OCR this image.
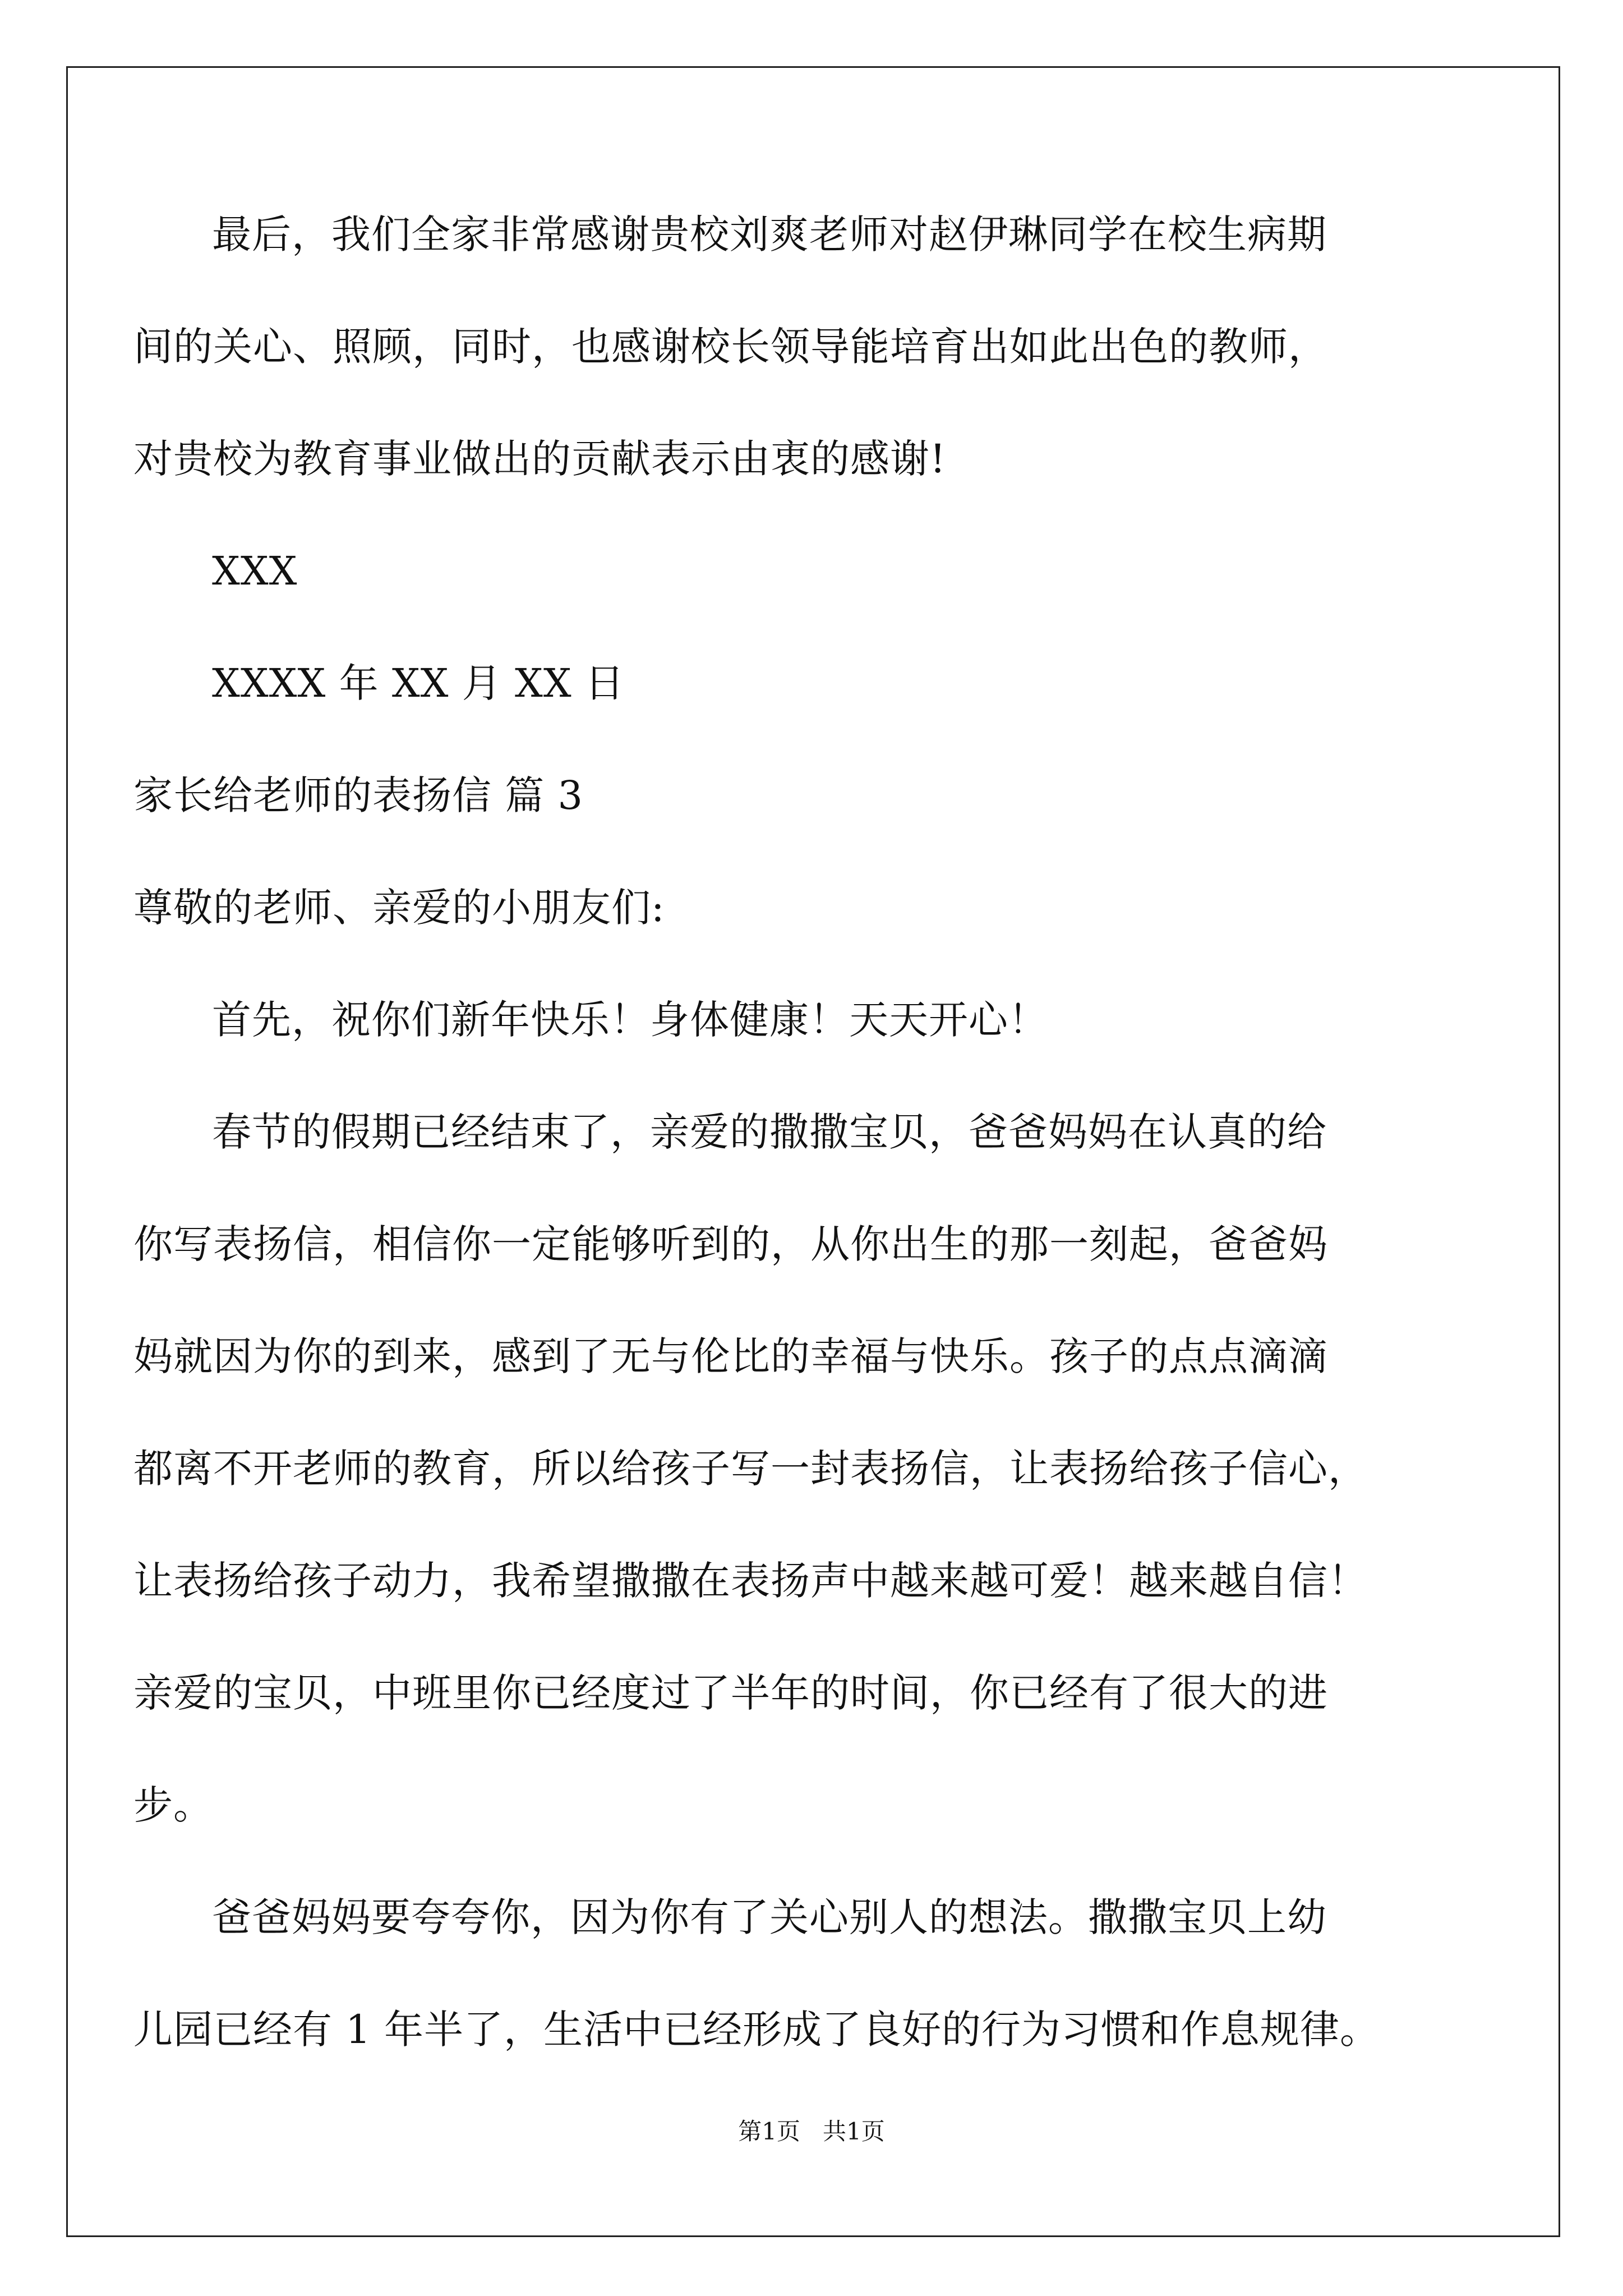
最后，我们全家非常感谢贵校刘爽老师对赵伊琳同学在校生病期
间的关心、照顾，同时，也感谢校长领导能培育出如此出色的教师，
对贵校为教育事业做出的贡献表示由衷的感谢!
XXX
XXXX 年 XX 月 XX 日
家长给老师的表扬信 篇 3
尊敬的老师、亲爱的小朋友们:
首先，祝你们新年快乐！身体健康！天天开心！
春节的假期已经结束了，亲爱的撒撒宝贝，爸爸妈妈在认真的给
你写表扬信，相信你一定能够听到的，从你出生的那一刻起，爸爸妈
妈就因为你的到来，感到了无与伦比的幸福与快乐。孩子的点点滴滴
都离不开老师的教育，所以给孩子写一封表扬信，让表扬给孩子信心，
让表扬给孩子动力，我希望撒撒在表扬声中越来越可爱！越来越自信！
亲爱的宝贝，中班里你已经度过了半年的时间，你已经有了很大的进
步。
爸爸妈妈要夸夸你，因为你有了关心别人的想法。撒撒宝贝上幼
儿园已经有 1 年半了，生活中已经形成了良好的行为习惯和作息规律。
第1页   共1页
